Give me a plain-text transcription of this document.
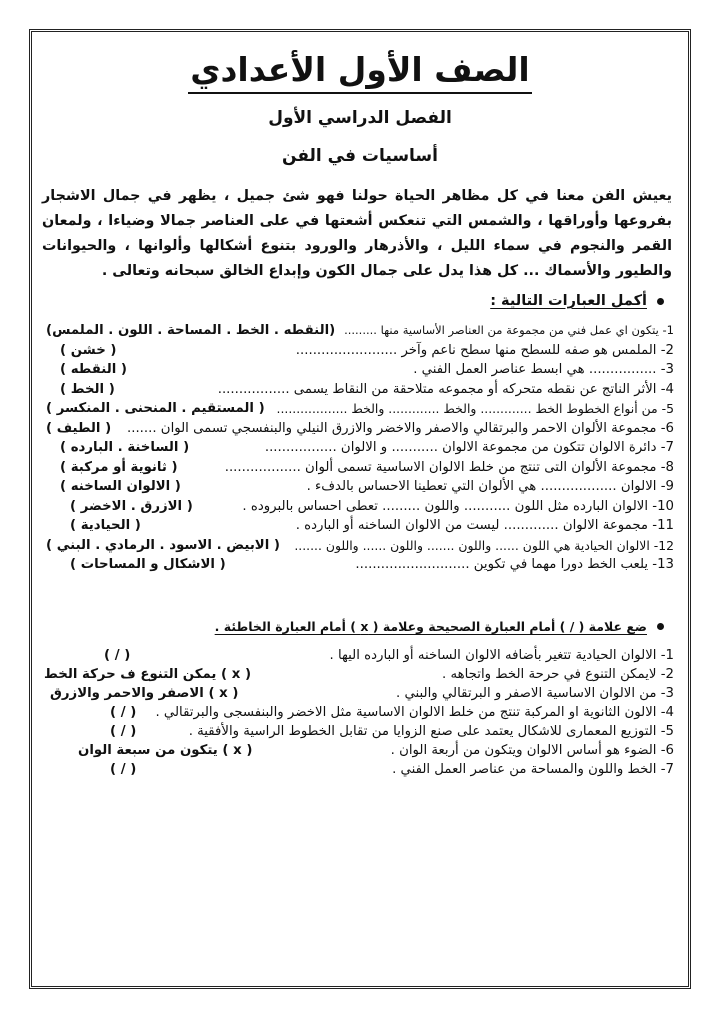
الصف الأول الأعدادي
الفصل الدراسي الأول
أساسيات في الفن
يعيش الفن معنا في كل مظاهر الحياة حولنا فهو شئ جميل ، يظهر في جمال الاشجار بفروعها وأوراقها ، والشمس التي تنعكس أشعتها في على العناصر جمالا وضياءا ، ولمعان القمر والنجوم في سماء الليل ، والأذرهار والورود بتنوع أشكالها وألوانها ، والحيوانات والطيور والأسماك ... كل هذا يدل على جمال الكون وإبداع الخالق سبحانه وتعالى .
أكمل العبارات التالية :
1- يتكون اي عمل فني من مجموعة من العناصر الأساسية منها .........
(النقطه . الخط . المساحة . اللون . الملمس)
2- الملمس هو صفه للسطح منها سطح ناعم وآخر ........................
( خشن )
3- ................ هي ابسط عناصر العمل الفني .
( النقطه )
4- الأثر الناتج عن نقطه متحركه أو مجموعه متلاحقة من النقاط يسمى .................
( الخط )
5- من أنواع الخطوط الخط ............. والخط ............. والخط ..................
( المستقيم . المنحنى . المنكسر )
6- مجموعة الألوان الاحمر والبرتقالي والاصفر والاخضر والازرق النيلي والبنفسجي تسمى الوان .......
( الطيف )
7- دائرة الالوان تتكون من مجموعة الالوان ........... و الالوان .................
( الساخنة . البارده )
8- مجموعة الألوان التى تنتج من خلط الالوان الاساسية تسمى ألوان ..................
( ثانوية أو مركبة )
9- الالوان .................. هي الألوان التي تعطينا الاحساس بالدفء .
( الالوان الساخنه )
10- الالوان البارده مثل اللون ........... واللون ......... تعطى احساس بالبروده .
( الازرق . الاخضر )
11- مجموعة الالوان ............. ليست من الالوان الساخنه أو البارده .
( الحيادية )
12- الالوان الحيادية هي اللون ...... واللون ....... واللون ...... واللون .......
( الابيض . الاسود . الرمادي . البني )
13- يلعب الخط دورا مهما في تكوين ...........................
( الاشكال و المساحات )
ضع علامة ( / ) أمام العبارة الصحيحة وعلامة ( x ) أمام العبارة الخاطئة .
1- الالوان الحيادية تتغير بأضافه الالوان الساخنه أو البارده اليها .
( / )
2- لايمكن التنوع في حرحة الخط واتجاهه .
( x ) يمكن التنوع ف حركة الخط
3- من الالوان الاساسية الاصفر و البرتقالي والبني .
( x ) الاصفر والاحمر والازرق
4- الالون الثانوية او المركبة تنتج من خلط الالوان الاساسية مثل الاخضر والبنفسجى والبرتقالي .
( / )
5- التوزيع المعمارى للاشكال يعتمد على صنع الزوايا من تقابل الخطوط الراسية والأفقية .
( / )
6- الضوء هو أساس الالوان ويتكون من أربعة الوان .
( x ) يتكون من سبعة الوان
7- الخط واللون والمساحة من عناصر العمل الفني .
( / )
